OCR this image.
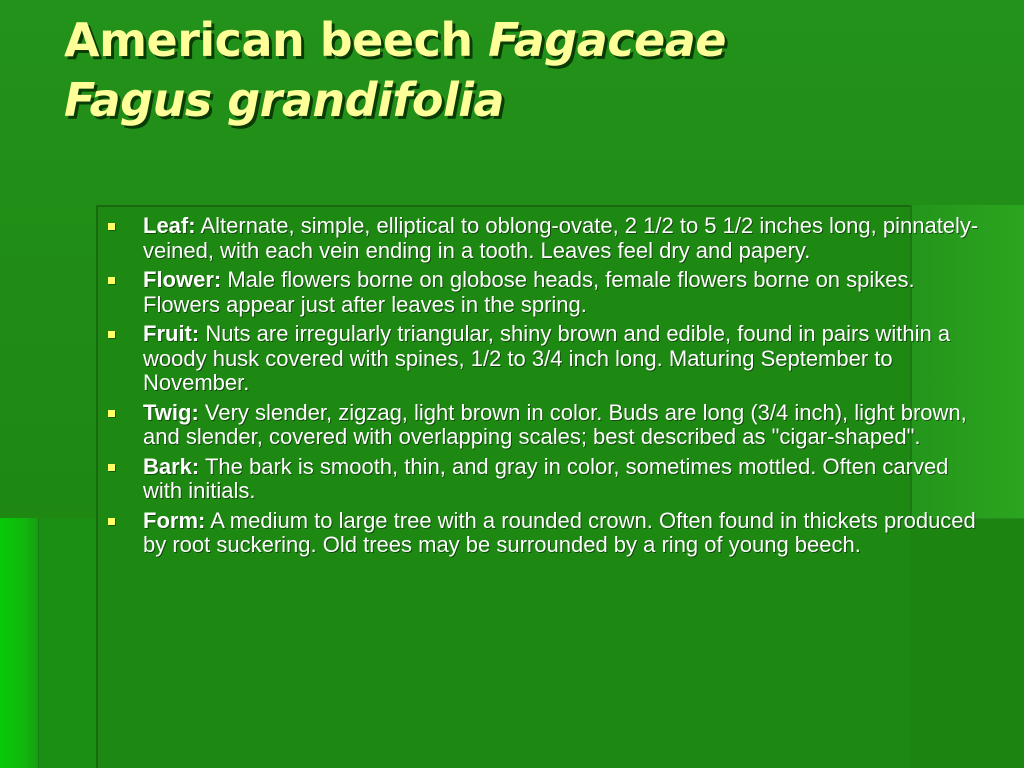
American beech Fagaceae
Fagus grandifolia
Leaf: Alternate, simple, elliptical to oblong-ovate, 2 1/2 to 5 1/2 inches long, pinnately-veined, with each vein ending in a tooth. Leaves feel dry and papery.
Flower: Male flowers borne on globose heads, female flowers borne on spikes. Flowers appear just after leaves in the spring.
Fruit: Nuts are irregularly triangular, shiny brown and edible, found in pairs within a woody husk covered with spines, 1/2 to 3/4 inch long. Maturing September to November.
Twig: Very slender, zigzag, light brown in color. Buds are long (3/4 inch), light brown, and slender, covered with overlapping scales; best described as "cigar-shaped".
Bark: The bark is smooth, thin, and gray in color, sometimes mottled. Often carved with initials.
Form: A medium to large tree with a rounded crown. Often found in thickets produced by root suckering. Old trees may be surrounded by a ring of young beech.
